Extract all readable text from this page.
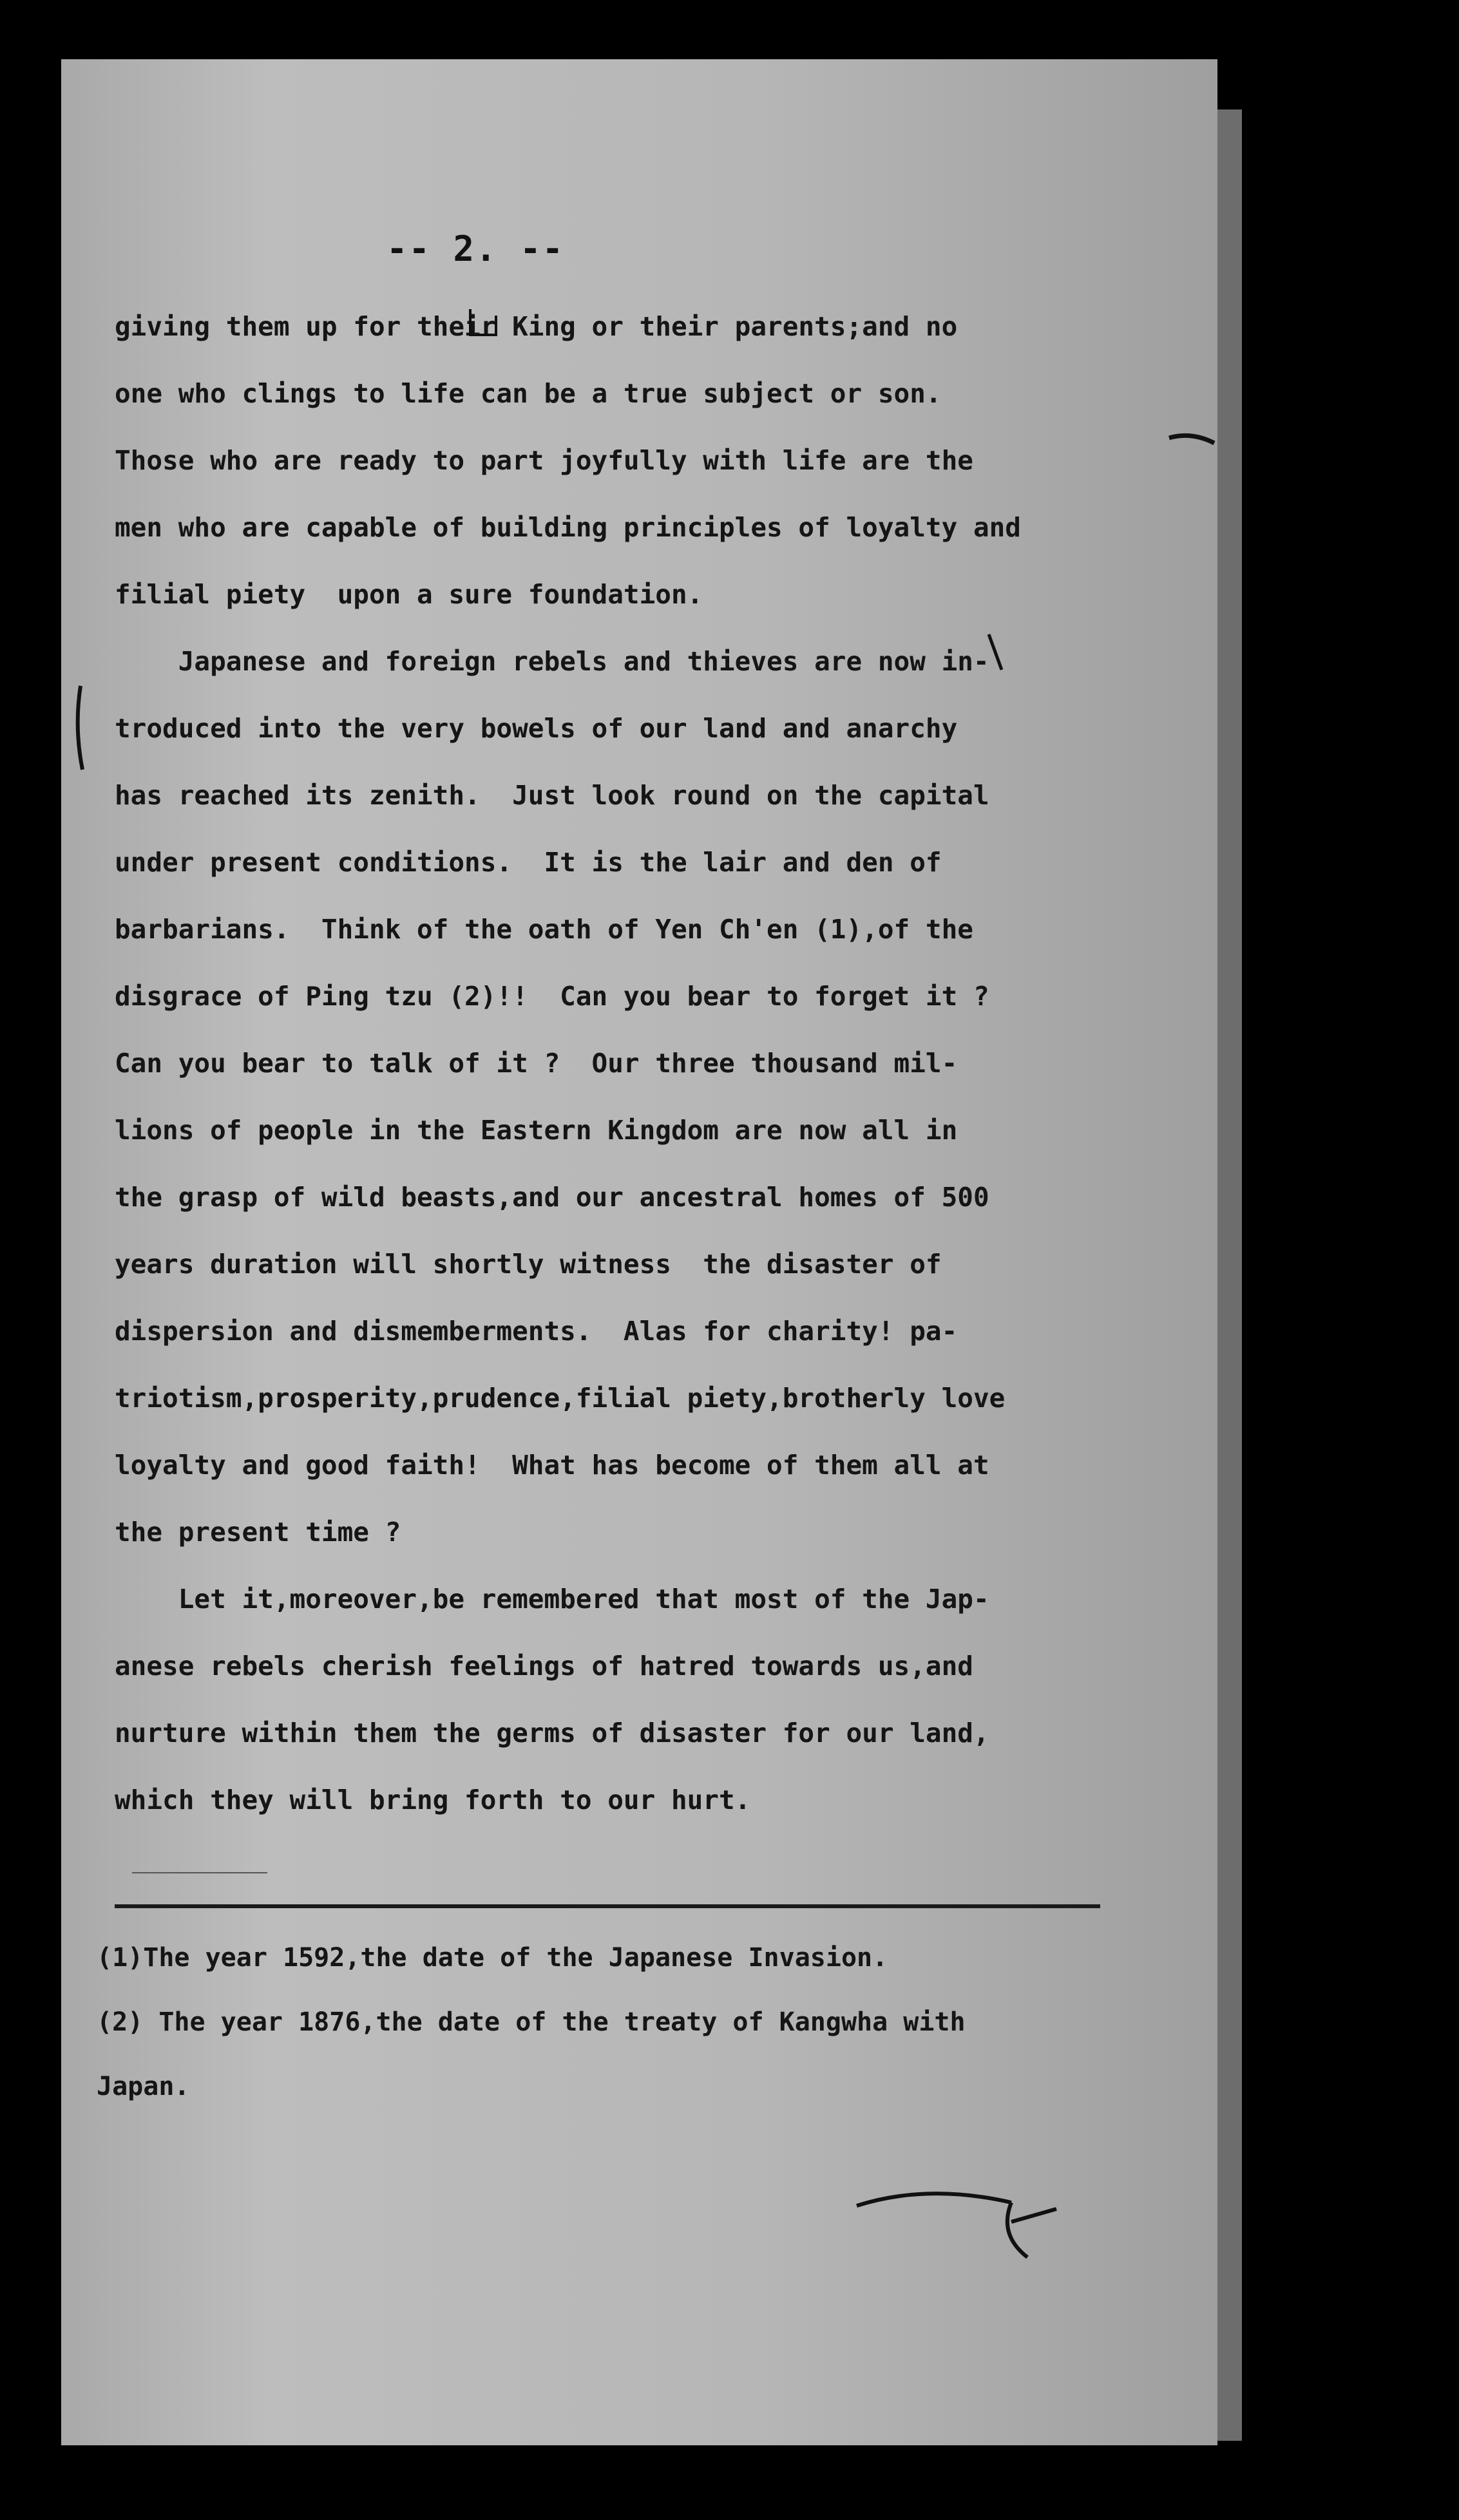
-- 2. --
giving them up for their King or their parents;and no
one who clings to life can be a true subject or son.
Those who are ready to part joyfully with life are the
men who are capable of building principles of loyalty and
filial piety  upon a sure foundation.
Japanese and foreign rebels and thieves are now in-
troduced into the very bowels of our land and anarchy
has reached its zenith.  Just look round on the capital
under present conditions.  It is the lair and den of
barbarians.  Think of the oath of Yen Ch'en (1),of the
disgrace of Ping tzu (2)!!  Can you bear to forget it ?
Can you bear to talk of it ?  Our three thousand mil-
lions of people in the Eastern Kingdom are now all in
the grasp of wild beasts,and our ancestral homes of 500
years duration will shortly witness  the disaster of
dispersion and dismemberments.  Alas for charity! pa-
triotism,prosperity,prudence,filial piety,brotherly love
loyalty and good faith!  What has become of them all at
the present time ?
Let it,moreover,be remembered that most of the Jap-
anese rebels cherish feelings of hatred towards us,and
nurture within them the germs of disaster for our land,
which they will bring forth to our hurt.
(1)The year 1592,the date of the Japanese Invasion.
(2) The year 1876,the date of the treaty of Kangwha with
Japan.
